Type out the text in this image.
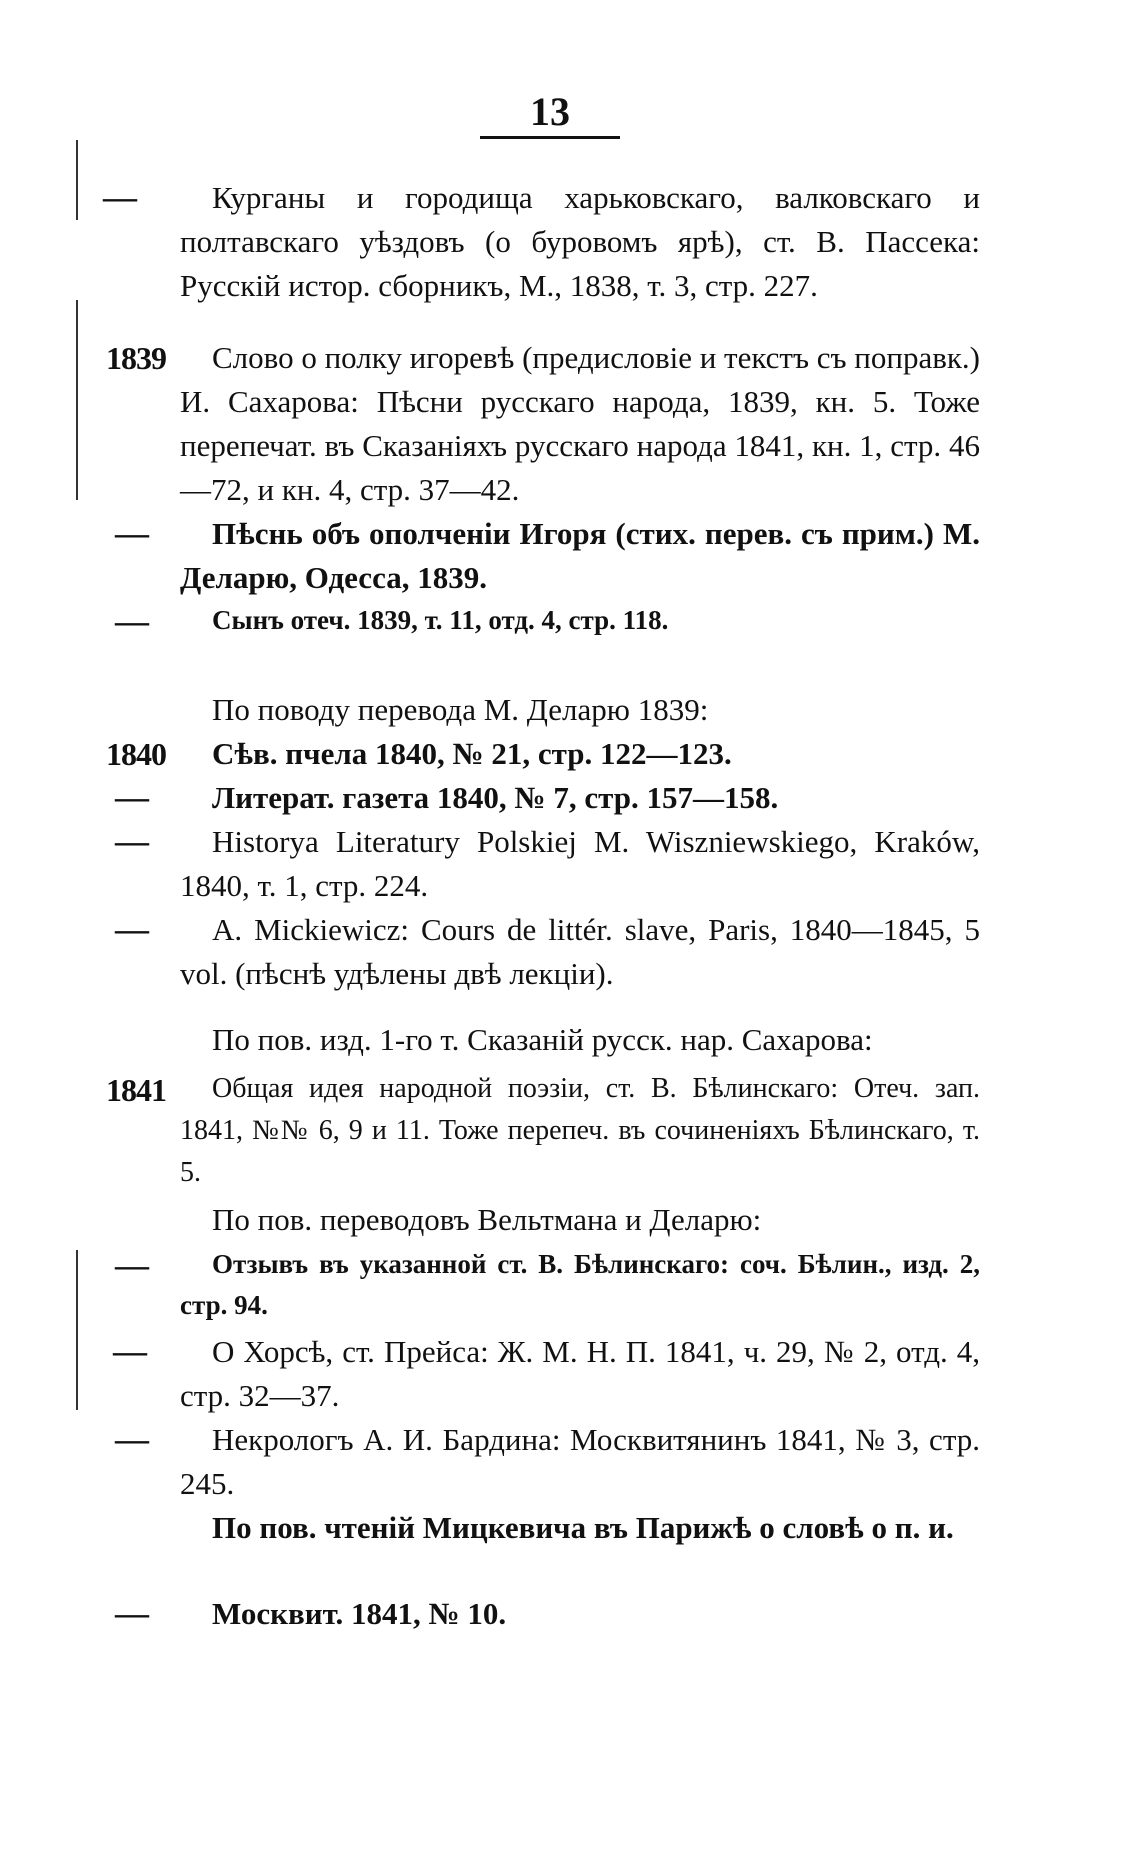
13
—	Курганы и городища харьковскаго, валковскаго и полтавскаго уѣздовъ (о буровомъ ярѣ), ст. В. Пассека: Русскій истор. сборникъ, М., 1838, т. 3, стр. 227.
1839	Слово о полку игоревѣ (предисловіе и текстъ съ поправк.) И. Сахарова: Пѣсни русскаго народа, 1839, кн. 5. Тоже перепечат. въ Сказаніяхъ русскаго народа 1841, кн. 1, стр. 46—72, и кн. 4, стр. 37—42.
—	Пѣснь объ ополченіи Игоря (стих. перев. съ прим.) М. Деларю, Одесса, 1839.
— Сынъ отеч. 1839, т. 11, отд. 4, стр. 118.
По поводу перевода М. Деларю 1839:
1840	Сѣв. пчела 1840, № 21, стр. 122—123.
— Литерат. газета 1840, № 7, стр. 157—158.
—	Historya Literatury Polskiej M. Wiszniewskiego, Kraków, 1840, т. 1, стр. 224.
—	A. Mickiewicz: Cours de littér. slave, Paris, 1840—1845, 5 vol. (пѣснѣ удѣлены двѣ лекціи).
По пов. изд. 1-го т. Сказаній русск. нар. Сахарова:
1841	Общая идея народной поэзіи, ст. В. Бѣлинскаго: Отеч. зап. 1841, №№ 6, 9 и 11. Тоже перепеч. въ сочиненіяхъ Бѣлинскаго, т. 5.
По пов. переводовъ Вельтмана и Деларю:
—	Отзывъ въ указанной ст. В. Бѣлинскаго: соч. Бѣлин., изд. 2, стр. 94.
—	О Хорсѣ, ст. Прейса: Ж. М. Н. П. 1841, ч. 29, № 2, отд. 4, стр. 32—37.
—	Некрологъ А. И. Бардина: Москвитянинъ 1841, № 3, стр. 245.
По пов. чтеній Мицкевича въ Парижѣ о словѣ о п. и.
— Москвит. 1841, № 10.
